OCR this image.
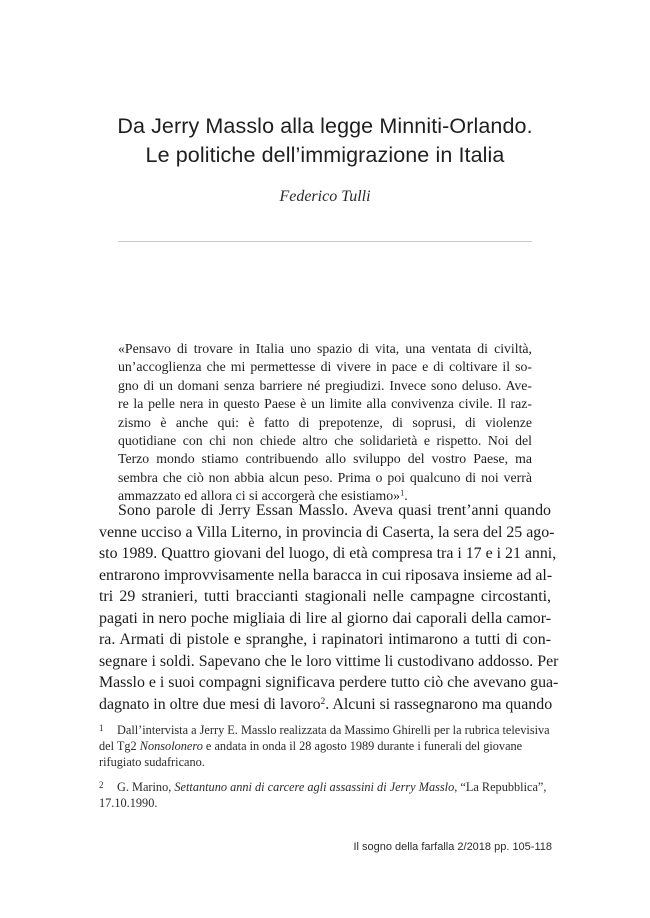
Da Jerry Masslo alla legge Minniti-Orlando.
Le politiche dell’immigrazione in Italia
Federico Tulli
«Pensavo di trovare in Italia uno spazio di vita, una ventata di civiltà,
un’accoglienza che mi permettesse di vivere in pace e di coltivare il so-
gno di un domani senza barriere né pregiudizi. Invece sono deluso. Ave-
re la pelle nera in questo Paese è un limite alla convivenza civile. Il raz-
zismo è anche qui: è fatto di prepotenze, di soprusi, di violenze
quotidiane con chi non chiede altro che solidarietà e rispetto. Noi del
Terzo mondo stiamo contribuendo allo sviluppo del vostro Paese, ma
sembra che ciò non abbia alcun peso. Prima o poi qualcuno di noi verrà
ammazzato ed allora ci si accorgerà che esistiamo»$^1$.
Sono parole di Jerry Essan Masslo. Aveva quasi trent’anni quando
venne ucciso a Villa Literno, in provincia di Caserta, la sera del 25 ago-
sto 1989. Quattro giovani del luogo, di età compresa tra i 17 e i 21 anni,
entrarono improvvisamente nella baracca in cui riposava insieme ad al-
tri 29 stranieri, tutti braccianti stagionali nelle campagne circostanti,
pagati in nero poche migliaia di lire al giorno dai caporali della camor-
ra. Armati di pistole e spranghe, i rapinatori intimarono a tutti di con-
segnare i soldi. Sapevano che le loro vittime li custodivano addosso. Per
Masslo e i suoi compagni significava perdere tutto ciò che avevano gua-
dagnato in oltre due mesi di lavoro$^2$. Alcuni si rassegnarono ma quando
1 Dall’intervista a Jerry E. Masslo realizzata da Massimo Ghirelli per la rubrica televisiva del Tg2 Nonsolonero e andata in onda il 28 agosto 1989 durante i funerali del giovane rifugiato sudafricano.
2 G. Marino, Settantuno anni di carcere agli assassini di Jerry Masslo, “La Repubblica”, 17.10.1990.
Il sogno della farfalla 2/2018 pp. 105-118
